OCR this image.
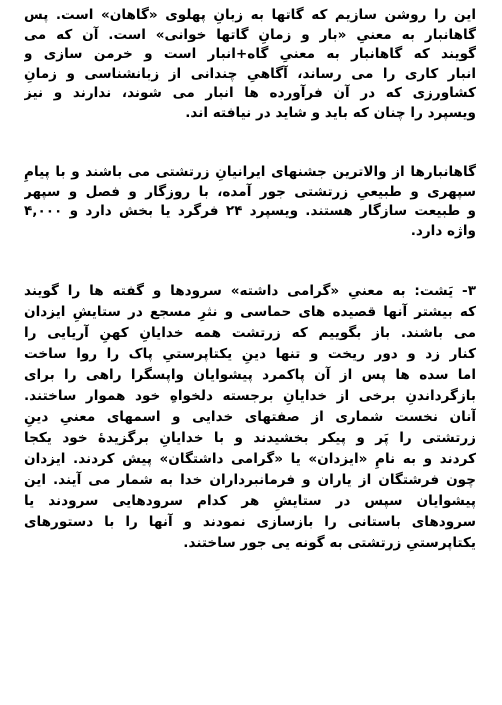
این را روشن سازیم که گاتها به زبانِ پهلوی «گاهان» است. پس
گاهانبار به معنیِ «بار و زمانِ گاتها خوانی» است. آن که می
گویند که گاهانبار به معنیِ گاه+انبار است و خرمن سازی و
انبار کاری را می رساند، آگاهیِ چندانی از زبانشناسی و زمانِ
کشاورزی که در آن فرآورده ها انبار می شوند، ندارند و نیز
ویسپرد را چنان که باید و شاید در نیافته اند.
گاهانبارها از والاترین جشنهای ایرانیانِ زرتشتی می باشند و با پیامِ
سپهری و طبیعیِ زرتشتی جور آمده، با روزگار و فصل و سپهر
و طبیعت سازگار هستند. ویسپرد ۲۴ فرگرد یا بخش دارد و ۴,۰۰۰
واژه دارد.
۳- یَشت: به معنیِ «گرامی داشته» سرودها و گفته ها را گویند
که بیشتر آنها قصیده های حماسی و نثرِ مسجع در ستایشِ ایزدان
می باشند. باز بگوییم که زرتشت همه خدایانِ کهنِ آریایی را
کنار زد و دور ریخت و تنها دینِ یکتاپرستیِ پاک را روا ساخت
اما سده ها پس از آن پاکمرد پیشوایان واپسگرا راهی را برای
بازگرداندنِ برخی از خدایانِ برجسته دلخواهِ خود هموار ساختند.
آنان نخست شماری از صفتهای خدایی و اسمهای معنیِ دینِ
زرتشتی را پَر و پیکر بخشیدند و با خدایانِ برگزیدهٔ خود یکجا
کردند و به نامِ «ایزدان» یا «گرامی داشتگان» پیش کردند. ایزدان
چون فرشتگان از یاران و فرمانبرداران خدا به شمار می آیند. این
پیشوایان سپس در ستایشِ هر کدام سرودهایی سرودند یا
سرودهای باستانی را بازسازی نمودند و آنها را با دستورهای
یکتاپرستیِ زرتشتی به گونه یی جور ساختند.
